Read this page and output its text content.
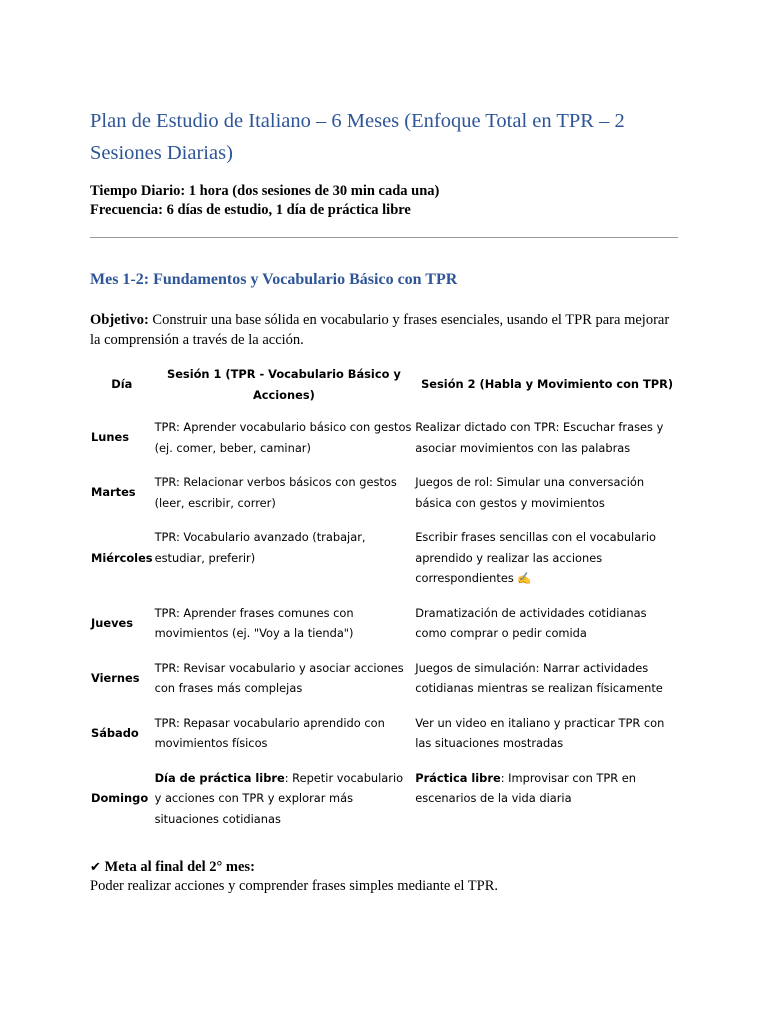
Plan de Estudio de Italiano – 6 Meses (Enfoque Total en TPR – 2 Sesiones Diarias)
Tiempo Diario: 1 hora (dos sesiones de 30 min cada una)
Frecuencia: 6 días de estudio, 1 día de práctica libre
Mes 1-2: Fundamentos y Vocabulario Básico con TPR
Objetivo: Construir una base sólida en vocabulario y frases esenciales, usando el TPR para mejorar la comprensión a través de la acción.
Día	Sesión 1 (TPR - Vocabulario Básico y Acciones)	Sesión 2 (Habla y Movimiento con TPR)
Lunes	TPR: Aprender vocabulario básico con gestos (ej. comer, beber, caminar)	Realizar dictado con TPR: Escuchar frases y asociar movimientos con las palabras
Martes	TPR: Relacionar verbos básicos con gestos (leer, escribir, correr)	Juegos de rol: Simular una conversación básica con gestos y movimientos
Miércoles	TPR: Vocabulario avanzado (trabajar, estudiar, preferir)	Escribir frases sencillas con el vocabulario aprendido y realizar las acciones correspondientes ✍️
Jueves	TPR: Aprender frases comunes con movimientos (ej. "Voy a la tienda")	Dramatización de actividades cotidianas como comprar o pedir comida
Viernes	TPR: Revisar vocabulario y asociar acciones con frases más complejas	Juegos de simulación: Narrar actividades cotidianas mientras se realizan físicamente
Sábado	TPR: Repasar vocabulario aprendido con movimientos físicos	Ver un video en italiano y practicar TPR con las situaciones mostradas
Domingo	Día de práctica libre: Repetir vocabulario y acciones con TPR y explorar más situaciones cotidianas	Práctica libre: Improvisar con TPR en escenarios de la vida diaria
✔ Meta al final del 2° mes:
Poder realizar acciones y comprender frases simples mediante el TPR.
